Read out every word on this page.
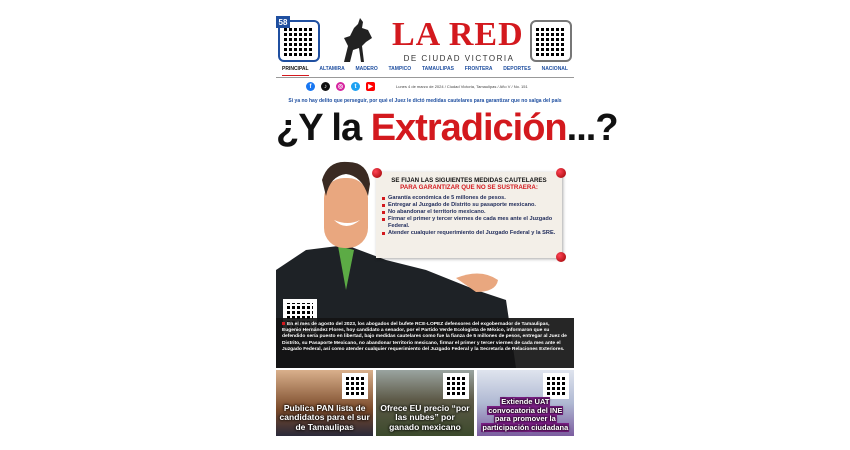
58	LA RED
DE CIUDAD VICTORIA
PRINCIPAL ALTAMIRA MADERO TAMPICO TAMAULIPAS FRONTERA DEPORTES NACIONAL
f	♪	◎	t	▶	Lunes 4 de marzo de 2024 / Ciudad Victoria, Tamaulipas / Año V / No. 151
Si ya no hay delito que perseguir, por qué el Juez le dictó medidas cautelares para garantizar que no salga del país
¿Y la Extradición...?
SE FIJAN LAS SIGUIENTES MEDIDAS CAUTELARES
PARA GARANTIZAR QUE NO SE SUSTRAERA:
Garantía económica de 5 millones de pesos.
Entregar al Juzgado de Distrito su pasaporte mexicano.
No abandonar el territorio mexicano.
Firmar el primer y tercer viernes de cada mes ante el Juzgado Federal.
Atender cualquier requerimiento del Juzgado Federal y la SRE.
En el mes de agosto del 2023, los abogados del bufete RCE-LOPEZ defensores del exgobernador de Tamaulipas, Eugenio Hernández Flores, hoy candidato a senador, por el Partido Verde Ecologista de México, informaron que su defendido sería puesto en libertad, bajo medidas cautelares como fue la fianza de 5 millones de pesos, entregar al Juez de Distrito, su Pasaporte Mexicano, no abandonar territorio mexicano, firmar el primer y tercer viernes de cada mes ante el Juzgado Federal, así como atender cualquier requerimiento del Juzgado Federal y la Secretaría de Relaciones Exteriores.
Publica PAN lista de candidatos para el sur de Tamaulipas
Ofrece EU precio “por las nubes” por ganado mexicano
Extiende UAT convocatoria del INE para promover la participación ciudadana
